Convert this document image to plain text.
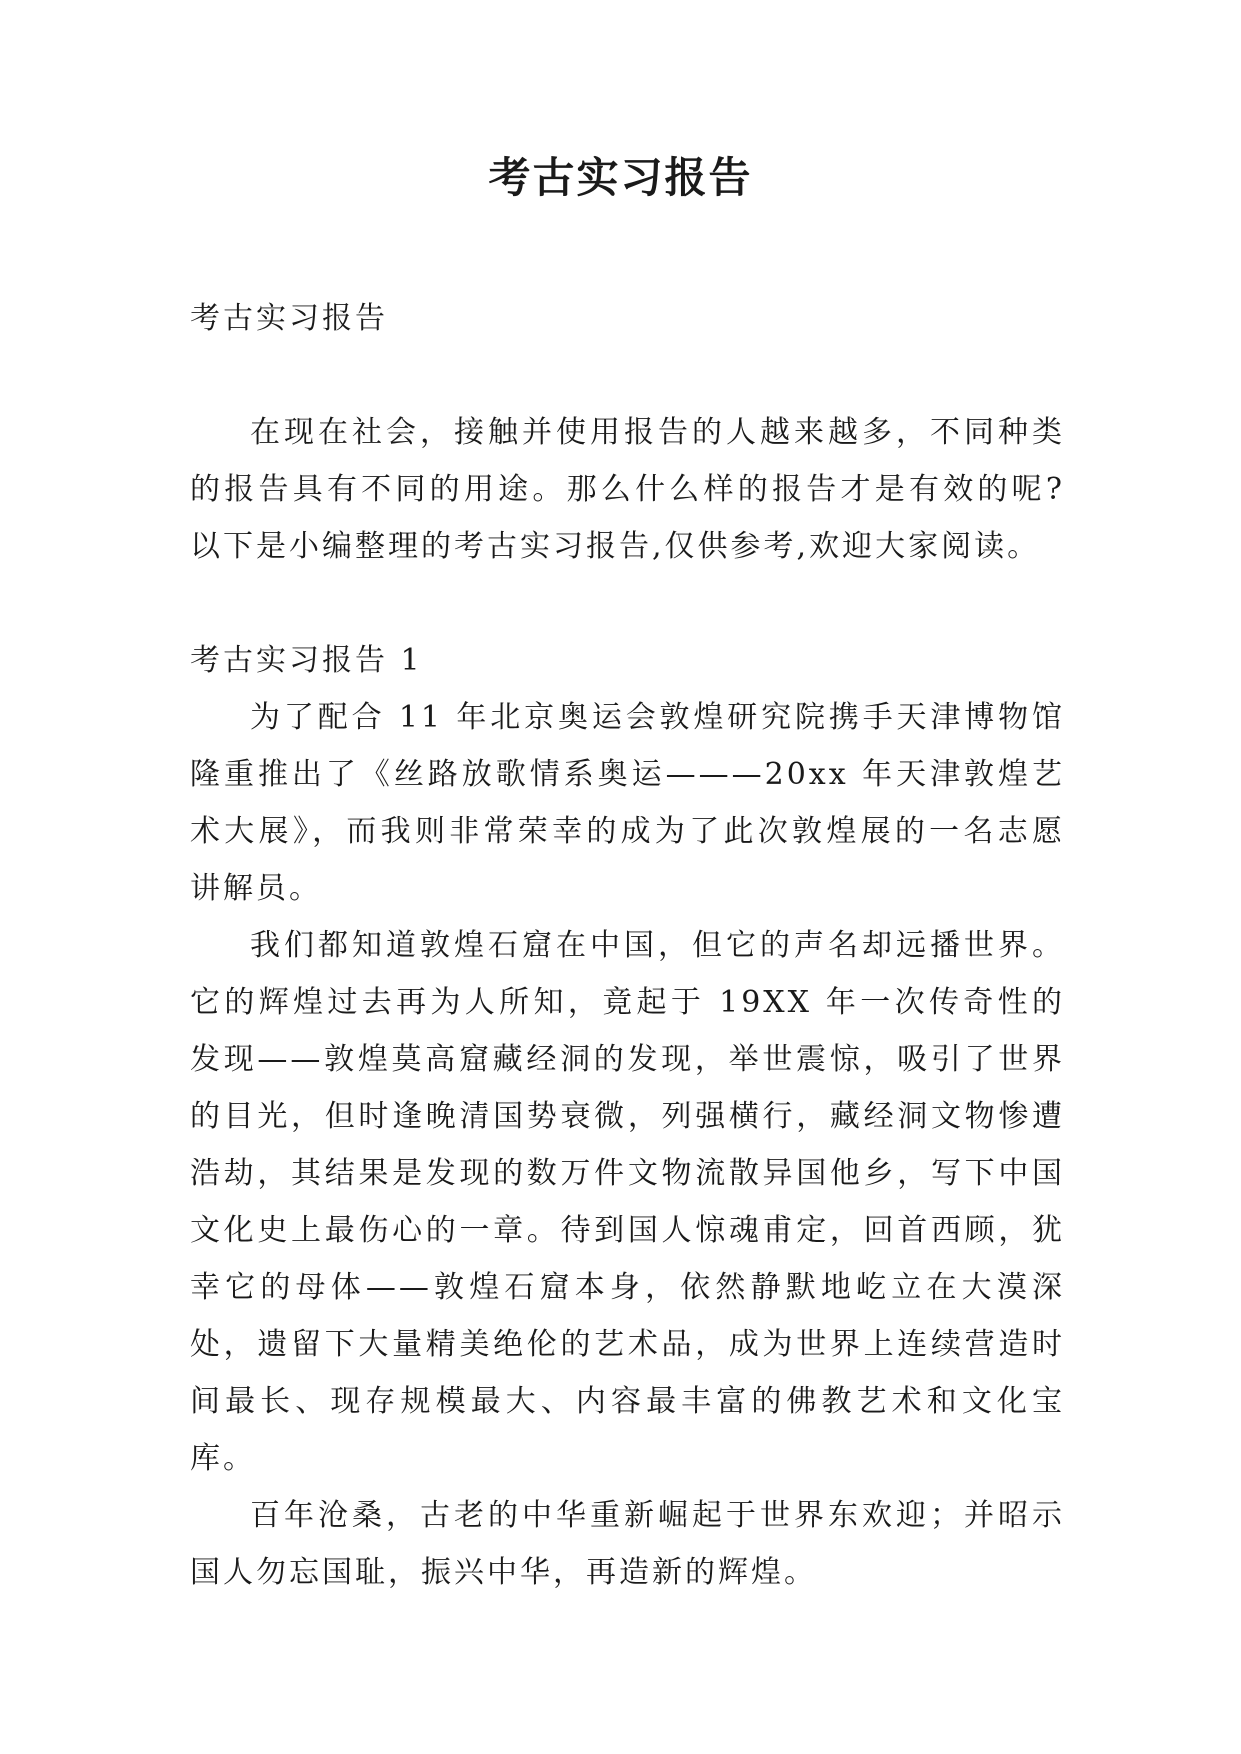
考古实习报告

考古实习报告

在现在社会，接触并使用报告的人越来越多，不同种类的报告具有不同的用途。那么什么样的报告才是有效的呢?以下是小编整理的考古实习报告,仅供参考,欢迎大家阅读。

考古实习报告 1

为了配合 11 年北京奥运会敦煌研究院携手天津博物馆隆重推出了《丝路放歌情系奥运———20xx 年天津敦煌艺术大展》，而我则非常荣幸的成为了此次敦煌展的一名志愿讲解员。

我们都知道敦煌石窟在中国，但它的声名却远播世界。它的辉煌过去再为人所知，竟起于 19XX 年一次传奇性的发现——敦煌莫高窟藏经洞的发现，举世震惊，吸引了世界的目光，但时逢晚清国势衰微，列强横行，藏经洞文物惨遭浩劫，其结果是发现的数万件文物流散异国他乡，写下中国文化史上最伤心的一章。待到国人惊魂甫定，回首西顾，犹幸它的母体——敦煌石窟本身，依然静默地屹立在大漠深处，遗留下大量精美绝伦的艺术品，成为世界上连续营造时间最长、现存规模最大、内容最丰富的佛教艺术和文化宝库。

百年沧桑，古老的中华重新崛起于世界东欢迎；并昭示国人勿忘国耻，振兴中华，再造新的辉煌。
